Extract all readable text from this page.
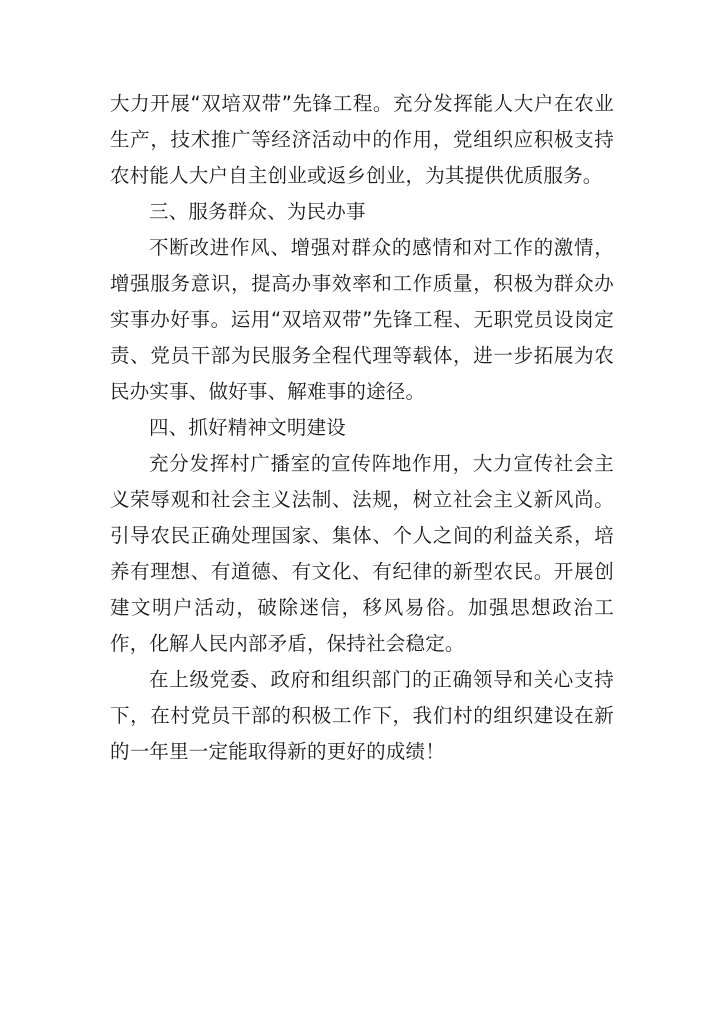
大力开展“双培双带”先锋工程。充分发挥能人大户在农业生产，技术推广等经济活动中的作用，党组织应积极支持农村能人大户自主创业或返乡创业，为其提供优质服务。

三、服务群众、为民办事

不断改进作风、增强对群众的感情和对工作的激情，增强服务意识，提高办事效率和工作质量，积极为群众办实事办好事。运用“双培双带”先锋工程、无职党员设岗定责、党员干部为民服务全程代理等载体，进一步拓展为农民办实事、做好事、解难事的途径。

四、抓好精神文明建设

充分发挥村广播室的宣传阵地作用，大力宣传社会主义荣辱观和社会主义法制、法规，树立社会主义新风尚。引导农民正确处理国家、集体、个人之间的利益关系，培养有理想、有道德、有文化、有纪律的新型农民。开展创建文明户活动，破除迷信，移风易俗。加强思想政治工作，化解人民内部矛盾，保持社会稳定。

在上级党委、政府和组织部门的正确领导和关心支持下，在村党员干部的积极工作下，我们村的组织建设在新的一年里一定能取得新的更好的成绩！
